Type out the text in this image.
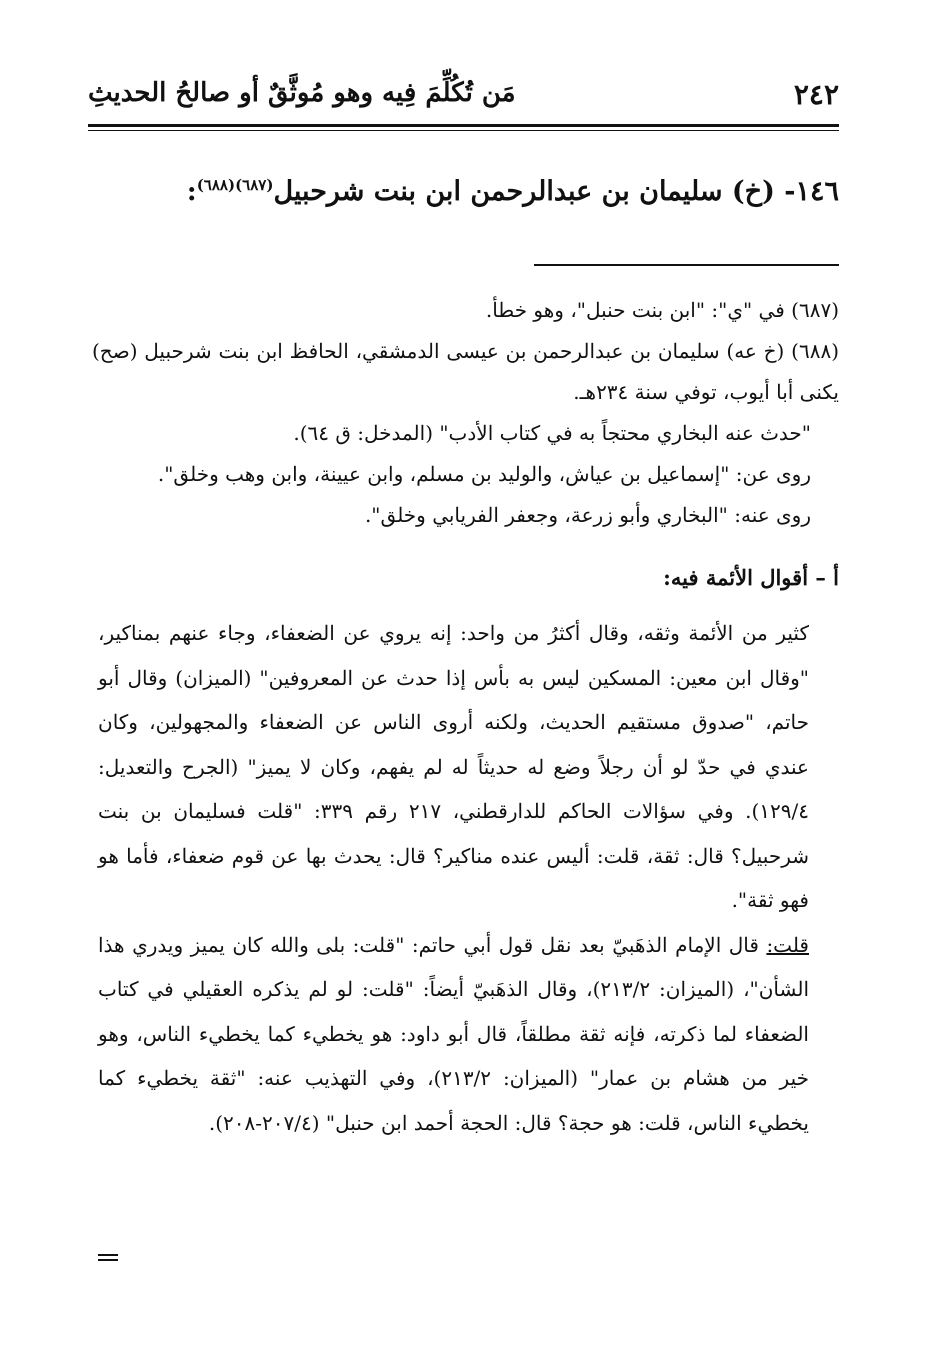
٢٤٢
مَن تُكُلِّمَ فِيه وهو مُوثَّقٌ أو صالحُ الحديثِ
١٤٦- (خ) سليمان بن عبدالرحمن ابن بنت شرحبيل$^{(٦٨٧)(٦٨٨)}$:

(٦٨٧) في "ي": "ابن بنت حنبل"، وهو خطأ.

(٦٨٨) (خ عه) سليمان بن عبدالرحمن بن عيسى الدمشقي، الحافظ ابن بنت شرحبيل (صح) يكنى أبا أيوب، توفي سنة ٢٣٤هـ.

"حدث عنه البخاري محتجاً به في كتاب الأدب" (المدخل: ق ٦٤).

روى عن: "إسماعيل بن عياش، والوليد بن مسلم، وابن عيينة، وابن وهب وخلق".

روى عنه: "البخاري وأبو زرعة، وجعفر الفريابي وخلق".

أ – أقوال الأئمة فيه:

كثير من الأئمة وثقه، وقال أكثرُ من واحد: إنه يروي عن الضعفاء، وجاء عنهم بمناكير، "وقال ابن معين: المسكين ليس به بأس إذا حدث عن المعروفين" (الميزان) وقال أبو حاتم، "صدوق مستقيم الحديث، ولكنه أروى الناس عن الضعفاء والمجهولين، وكان عندي في حدّ لو أن رجلاً وضع له حديثاً له لم يفهم، وكان لا يميز" (الجرح والتعديل: ١٢٩/٤). وفي سؤالات الحاكم للدارقطني، ٢١٧ رقم ٣٣٩: "قلت فسليمان بن بنت شرحبيل؟ قال: ثقة، قلت: أليس عنده مناكير؟ قال: يحدث بها عن قوم ضعفاء، فأما هو فهو ثقة".

قلت: قال الإمام الذهَبيّ بعد نقل قول أبي حاتم: "قلت: بلى والله كان يميز ويدري هذا الشأن"، (الميزان: ٢١٣/٢)، وقال الذهَبيّ أيضاً: "قلت: لو لم يذكره العقيلي في كتاب الضعفاء لما ذكرته، فإنه ثقة مطلقاً، قال أبو داود: هو يخطيء كما يخطيء الناس، وهو خير من هشام بن عمار" (الميزان: ٢١٣/٢)، وفي التهذيب عنه: "ثقة يخطيء كما يخطيء الناس، قلت: هو حجة؟ قال: الحجة أحمد ابن حنبل" (٢٠٧/٤-٢٠٨).
